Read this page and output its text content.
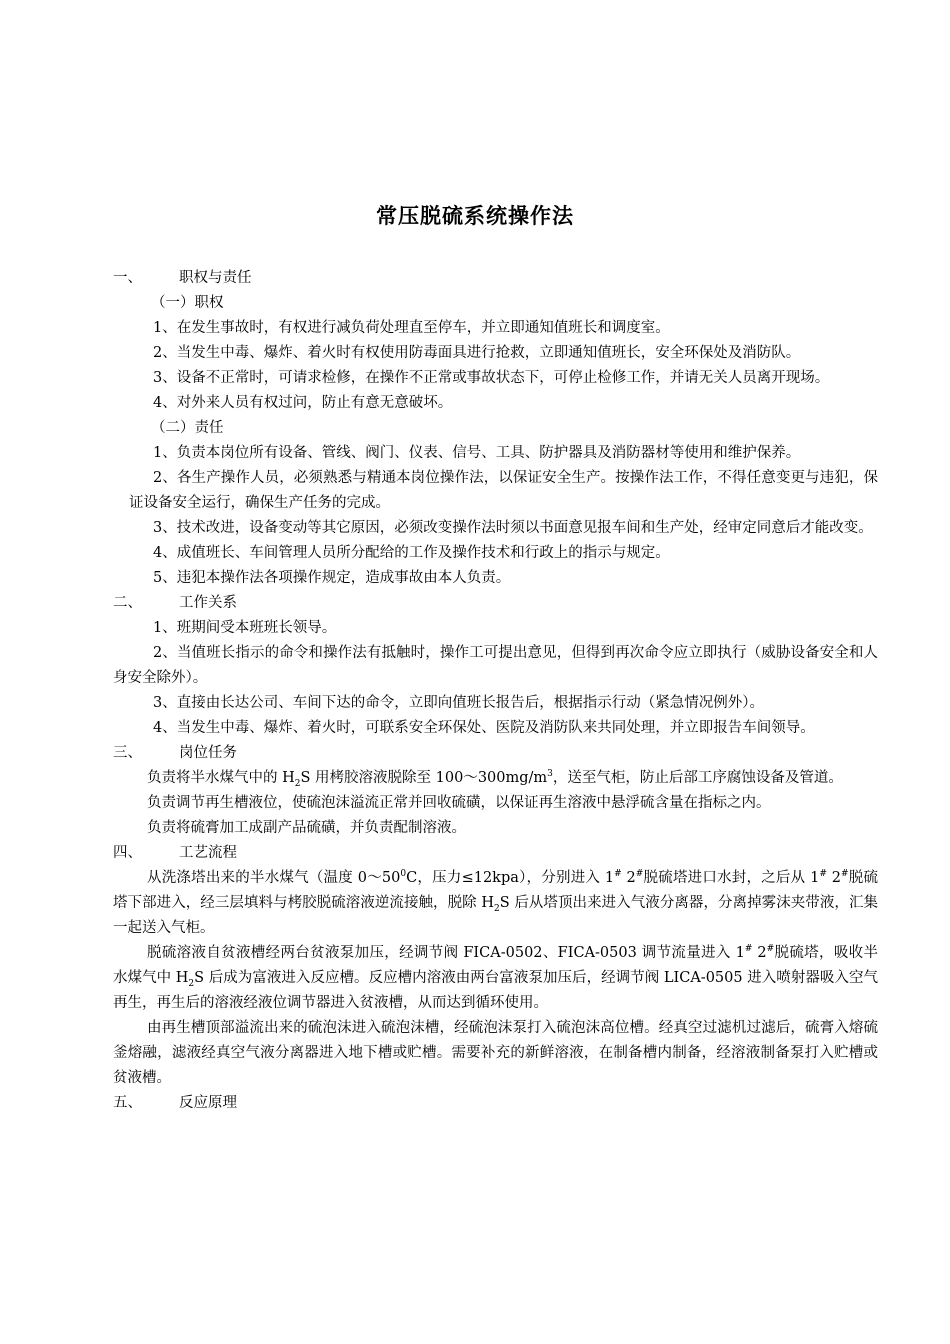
常压脱硫系统操作法
一、	职权与责任

（一）职权

1、在发生事故时，有权进行减负荷处理直至停车，并立即通知值班长和调度室。

2、当发生中毒、爆炸、着火时有权使用防毒面具进行抢救，立即通知值班长，安全环保处及消防队。

3、设备不正常时，可请求检修，在操作不正常或事故状态下，可停止检修工作，并请无关人员离开现场。

4、对外来人员有权过问，防止有意无意破坏。

（二）责任

1、负责本岗位所有设备、管线、阀门、仪表、信号、工具、防护器具及消防器材等使用和维护保养。

2、各生产操作人员，必须熟悉与精通本岗位操作法，以保证安全生产。按操作法工作，不得任意变更与违犯，保证设备安全运行，确保生产任务的完成。

3、技术改进，设备变动等其它原因，必须改变操作法时须以书面意见报车间和生产处，经审定同意后才能改变。

4、成值班长、车间管理人员所分配给的工作及操作技术和行政上的指示与规定。

5、违犯本操作法各项操作规定，造成事故由本人负责。

二、	工作关系

1、班期间受本班班长领导。

2、当值班长指示的命令和操作法有抵触时，操作工可提出意见，但得到再次命令应立即执行（威胁设备安全和人身安全除外）。

3、直接由长达公司、车间下达的命令，立即向值班长报告后，根据指示行动（紧急情况例外）。

4、当发生中毒、爆炸、着火时，可联系安全环保处、医院及消防队来共同处理，并立即报告车间领导。

三、	岗位任务

负责将半水煤气中的 $H_2S$ 用栲胶溶液脱除至 $100\sim 300mg/m^3$，送至气柜，防止后部工序腐蚀设备及管道。

负责调节再生槽液位，使硫泡沫溢流正常并回收硫磺，以保证再生溶液中悬浮硫含量在指标之内。

负责将硫膏加工成副产品硫磺，并负责配制溶液。

四、	工艺流程

从洗涤塔出来的半水煤气（温度 $0\sim 50^0C$，压力≤12kpa），分别进入 1# 2#脱硫塔进口水封，之后从 1# 2#脱硫塔下部进入，经三层填料与栲胶脱硫溶液逆流接触，脱除 $H_2S$ 后从塔顶出来进入气液分离器，分离掉雾沫夹带液，汇集一起送入气柜。

脱硫溶液自贫液槽经两台贫液泵加压，经调节阀 FICA-0502、FICA-0503 调节流量进入 1# 2#脱硫塔，吸收半水煤气中 $H_2S$ 后成为富液进入反应槽。反应槽内溶液由两台富液泵加压后，经调节阀 LICA-0505 进入喷射器吸入空气再生，再生后的溶液经液位调节器进入贫液槽，从而达到循环使用。

由再生槽顶部溢流出来的硫泡沫进入硫泡沫槽，经硫泡沫泵打入硫泡沫高位槽。经真空过滤机过滤后，硫膏入熔硫釜熔融，滤液经真空气液分离器进入地下槽或贮槽。需要补充的新鲜溶液，在制备槽内制备，经溶液制备泵打入贮槽或贫液槽。

五、	反应原理
